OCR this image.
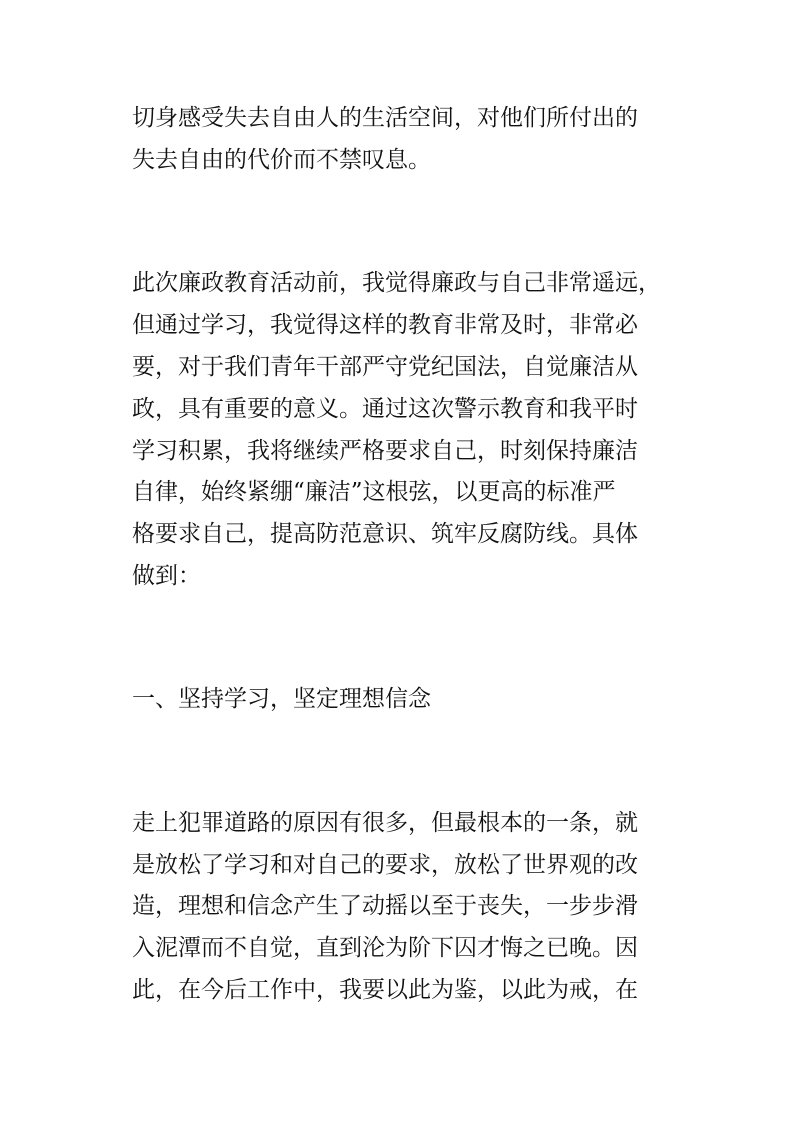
切身感受失去自由人的生活空间，对他们所付出的

失去自由的代价而不禁叹息。

此次廉政教育活动前，我觉得廉政与自己非常遥远，

但通过学习，我觉得这样的教育非常及时，非常必

要，对于我们青年干部严守党纪国法，自觉廉洁从

政，具有重要的意义。通过这次警示教育和我平时

学习积累，我将继续严格要求自己，时刻保持廉洁

自律，始终紧绷“廉洁”这根弦，以更高的标准严

格要求自己，提高防范意识、筑牢反腐防线。具体

做到：

一、坚持学习，坚定理想信念

走上犯罪道路的原因有很多，但最根本的一条，就

是放松了学习和对自己的要求，放松了世界观的改

造，理想和信念产生了动摇以至于丧失，一步步滑

入泥潭而不自觉，直到沦为阶下囚才悔之已晚。因

此，在今后工作中，我要以此为鉴，以此为戒，在
